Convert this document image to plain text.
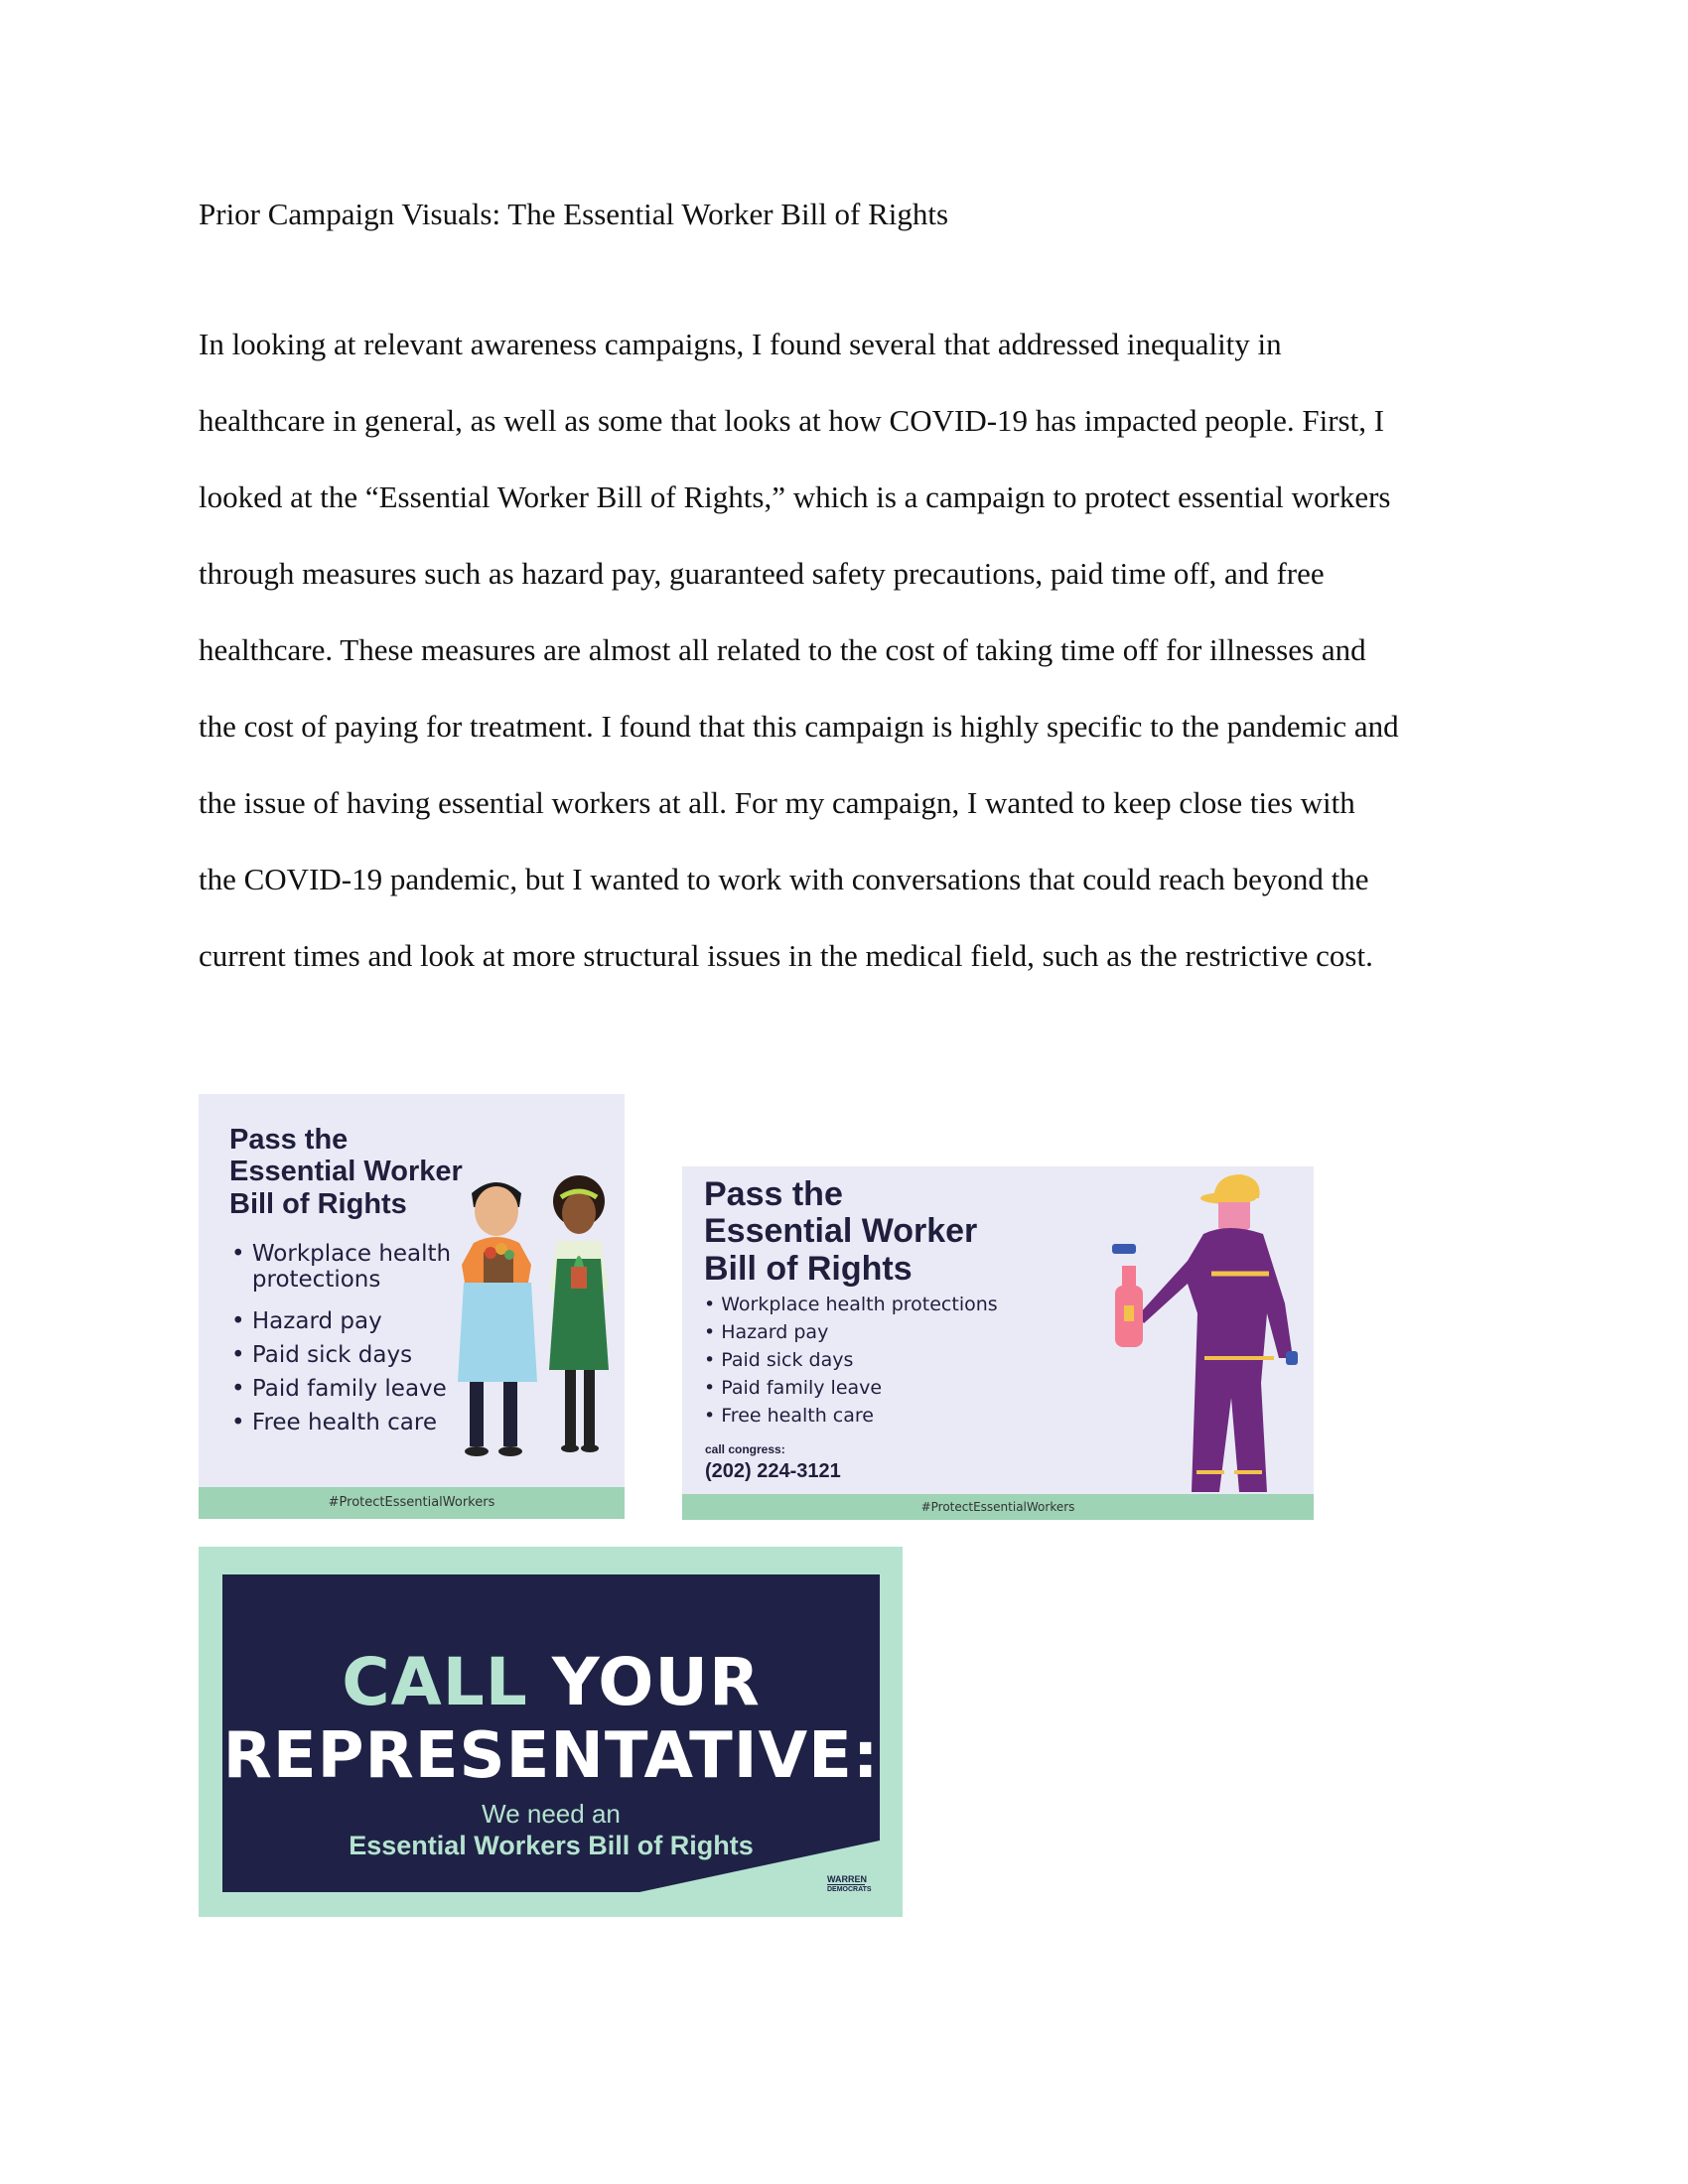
Prior Campaign Visuals: The Essential Worker Bill of Rights
In looking at relevant awareness campaigns, I found several that addressed inequality in
healthcare in general, as well as some that looks at how COVID-19 has impacted people. First, I
looked at the “Essential Worker Bill of Rights,” which is a campaign to protect essential workers
through measures such as hazard pay, guaranteed safety precautions, paid time off, and free
healthcare. These measures are almost all related to the cost of taking time off for illnesses and
the cost of paying for treatment. I found that this campaign is highly specific to the pandemic and
the issue of having essential workers at all. For my campaign, I wanted to keep close ties with
the COVID-19 pandemic, but I wanted to work with conversations that could reach beyond the
current times and look at more structural issues in the medical field, such as the restrictive cost.
Pass the
Essential Worker
Bill of Rights
• Workplace health protections
• Hazard pay
• Paid sick days
• Paid family leave
• Free health care
#ProtectEssentialWorkers
Pass the
Essential Worker
Bill of Rights
• Workplace health protections
• Hazard pay
• Paid sick days
• Paid family leave
• Free health care
call congress:
(202) 224-3121
#ProtectEssentialWorkers
CALL YOUR
REPRESENTATIVE:
We need an
Essential Workers Bill of Rights
WARREN
DEMOCRATS
